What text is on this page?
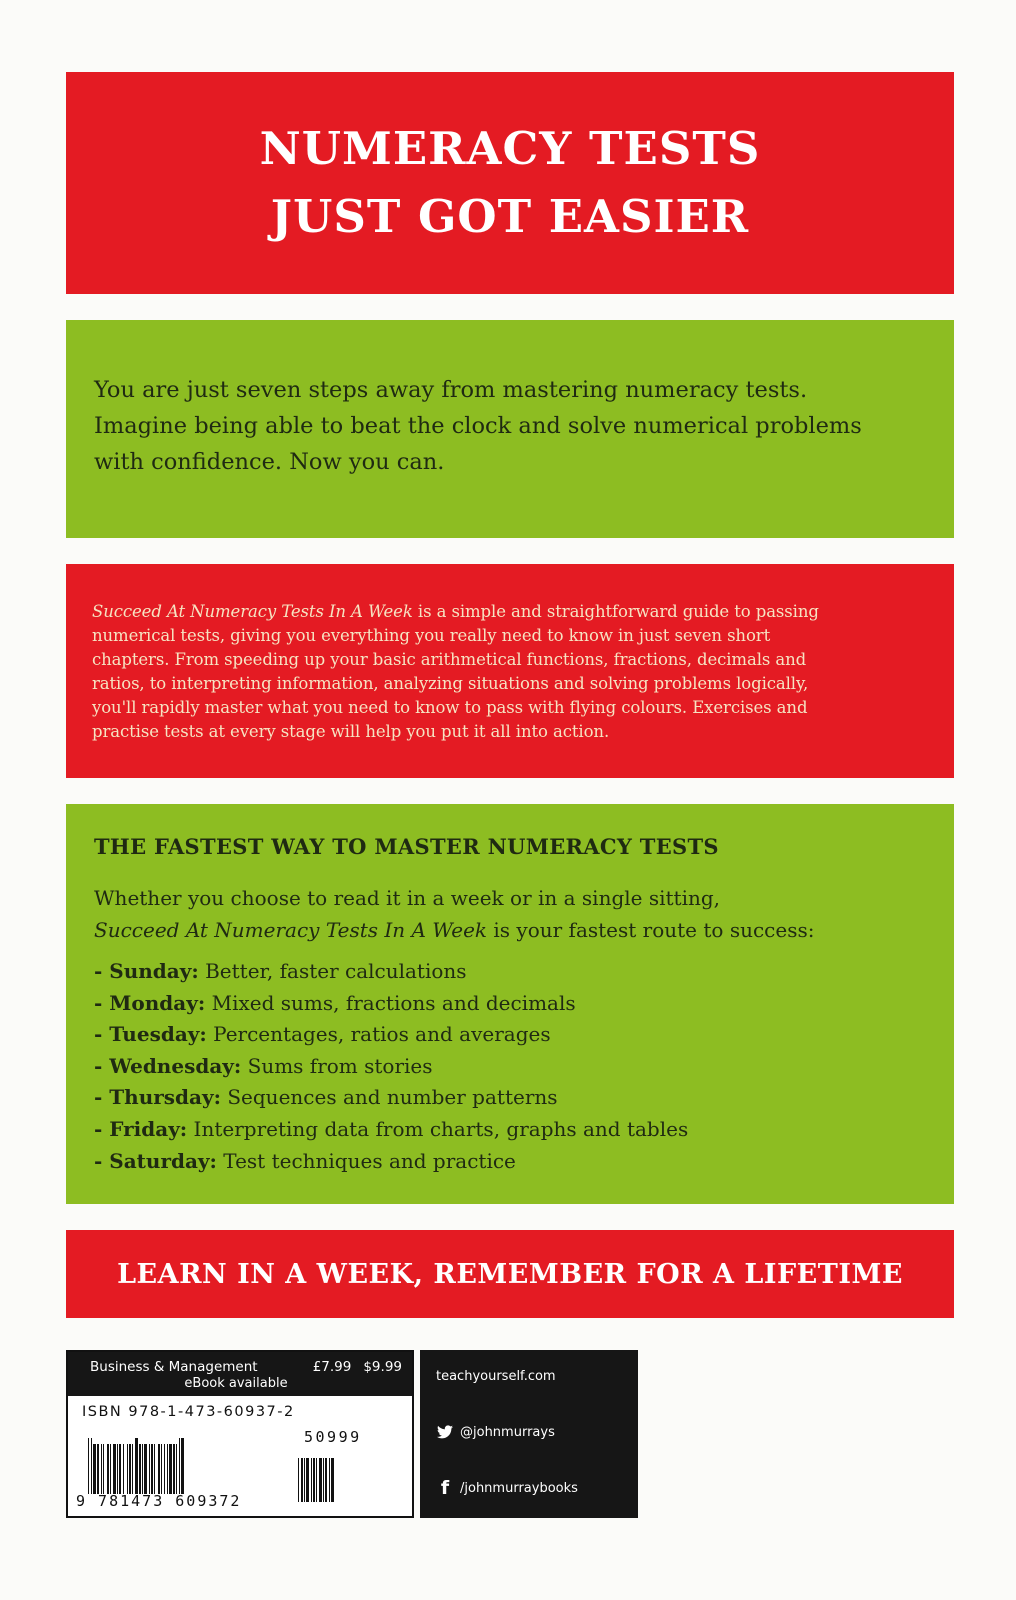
NUMERACY TESTS
JUST GOT EASIER
You are just seven steps away from mastering numeracy tests.
Imagine being able to beat the clock and solve numerical problems
with confidence. Now you can.
Succeed At Numeracy Tests In A Week is a simple and straightforward guide to passing
numerical tests, giving you everything you really need to know in just seven short
chapters. From speeding up your basic arithmetical functions, fractions, decimals and
ratios, to interpreting information, analyzing situations and solving problems logically,
you'll rapidly master what you need to know to pass with flying colours. Exercises and
practise tests at every stage will help you put it all into action.
THE FASTEST WAY TO MASTER NUMERACY TESTS
Whether you choose to read it in a week or in a single sitting,
Succeed At Numeracy Tests In A Week is your fastest route to success:
- Sunday: Better, faster calculations
- Monday: Mixed sums, fractions and decimals
- Tuesday: Percentages, ratios and averages
- Wednesday: Sums from stories
- Thursday: Sequences and number patterns
- Friday: Interpreting data from charts, graphs and tables
- Saturday: Test techniques and practice
LEARN IN A WEEK, REMEMBER FOR A LIFETIME
Business & Management	£7.99 $9.99
eBook available
ISBN 978-1-473-60937-2
50999
9 781473 609372
teachyourself.com
@johnmurrays
f /johnmurraybooks
